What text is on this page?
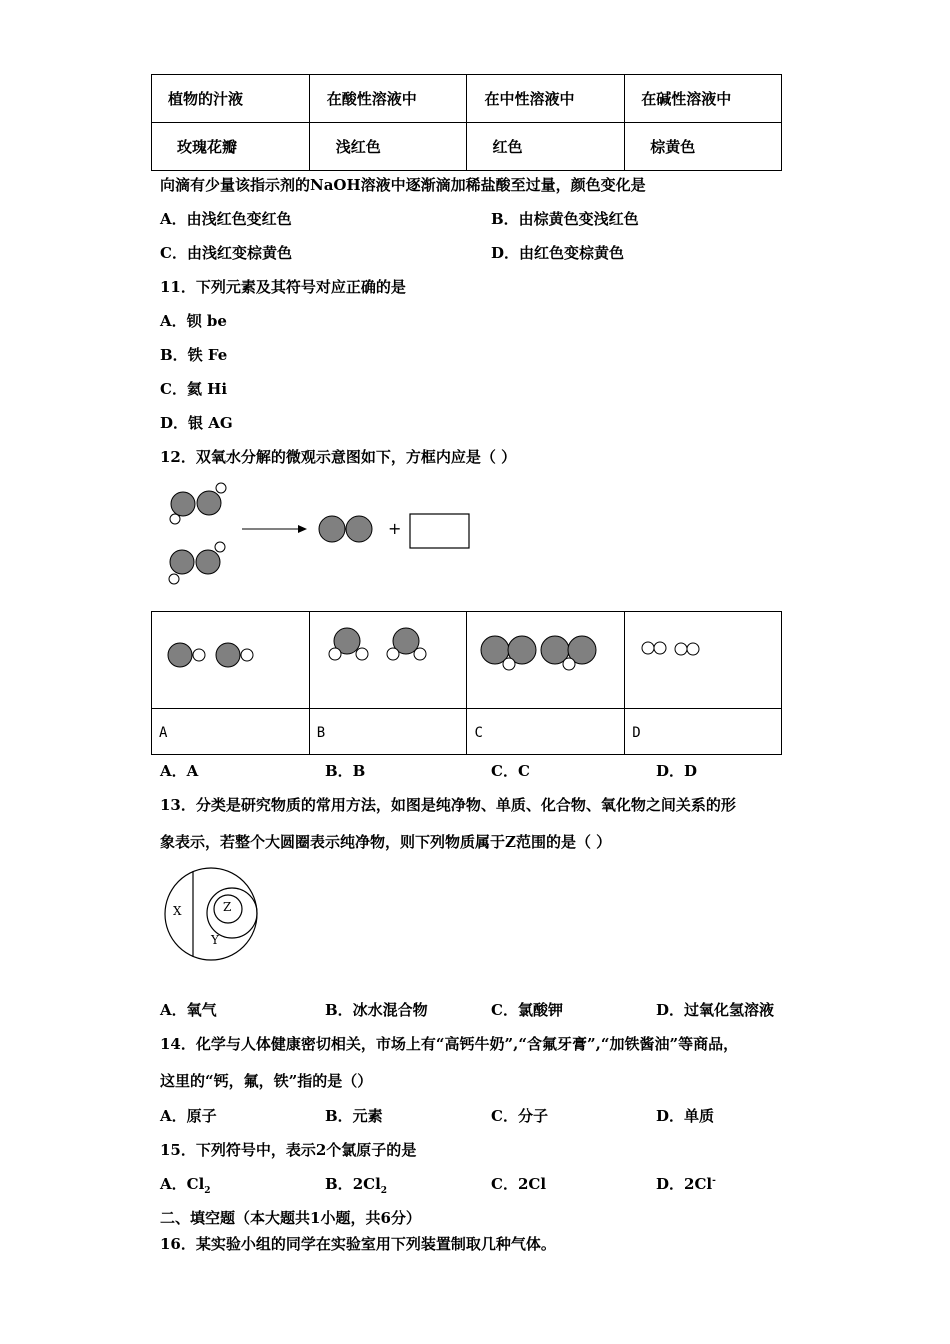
植物的汁液	在酸性溶液中	在中性溶液中	在碱性溶液中
玫瑰花瓣	浅红色	红色	棕黄色
向滴有少量该指示剂的NaOH溶液中逐渐滴加稀盐酸至过量，颜色变化是
A．由浅红色变红色	B．由棕黄色变浅红色
C．由浅红变棕黄色	D．由红色变棕黄色
11．下列元素及其符号对应正确的是
A．钡 be
B．铁 Fe
C．氦 Hi
D．银 AG
12．双氧水分解的微观示意图如下，方框内应是（ ）
+

A	B	C	D
A．A	B．B	C．C	D．D
13．分类是研究物质的常用方法，如图是纯净物、单质、化合物、氧化物之间关系的形
象表示，若整个大圆圈表示纯净物，则下列物质属于Z范围的是（ ）
X
Y
Z
A．氧气	B．冰水混合物	C．氯酸钾	D．过氧化氢溶液
14．化学与人体健康密切相关，市场上有“高钙牛奶”,“含氟牙膏”,“加铁酱油”等商品，
这里的“钙，氟，铁”指的是（）
A．原子	B．元素	C．分子	D．单质
15．下列符号中，表示2个氯原子的是
A．$Cl_2$	B．$2Cl_2$	C．2Cl	D．2Cl-
二、填空题（本大题共1小题，共6分）
16．某实验小组的同学在实验室用下列装置制取几种气体。
